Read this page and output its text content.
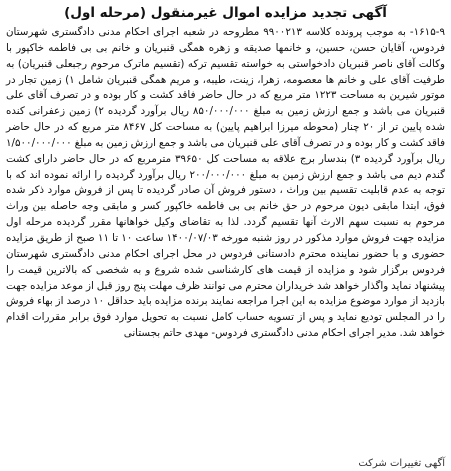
آگهی تجدید مزایده اموال غیرمنقول (مرحله اول)

۱۶۱۵-۹- به موجب پرونده کلاسه ۹۹۰۰۲۱۳ مطروحه در شعبه اجرای احکام مدنی دادگستری شهرستان فردوس، آقایان حسن، حسین، و خانمها صدیقه و زهره همگی قنبریان و خانم بی بی فاطمه خاکپور با وکالت آقای ناصر قنبریان دادخواستی به خواسته تقسیم ترکه (تقسیم ماترک مرحوم رجبعلی قنبریان) به طرفیت آقای علی و خانم ها معصومه، زهرا، زینت، طیبه، و مریم همگی قنبریان شامل ۱) زمین تجار در موتور شیرین به مساحت ۱۲۲۳ متر مربع که در حال حاضر فاقد کشت و کار بوده و در تصرف آقای علی قنبریان می باشد و جمع ارزش زمین به مبلغ ۸۵۰/۰۰۰/۰۰۰ ریال برآورد گردیده ۲) زمین زعفرانی کنده شده پایین تر از ۲۰ چنار (محوطه میرزا ابراهیم پایین) به مساحت کل ۸۴۶۷ متر مربع که در حال حاضر فاقد کشت و کار بوده و در تصرف آقای علی قنبریان می باشد و جمع ارزش زمین به مبلغ ۱/۵۰۰/۰۰۰/۰۰۰ ریال برآورد گردیده ۳) بندسار برج علاقه به مساحت کل ۳۹۶۵۰ مترمربع که در حال حاضر دارای کشت گندم دیم می باشد و جمع ارزش زمین به مبلغ ۲۰۰/۰۰۰/۰۰۰ ریال برآورد گردیده را ارائه نموده اند که با توجه به عدم قابلیت تقسیم بین وراث ، دستور فروش آن صادر گردیده تا پس از فروش موارد ذکر شده فوق، ابتدا مابقی دیون مرحوم در حق خانم بی بی فاطمه خاکپور کسر و مابقی وجه حاصله بین وراث مرحوم به نسبت سهم الارث آنها تقسیم گردد. لذا به تقاضای وکیل خواهانها مقرر گردیده مرحله اول مزایده جهت فروش موارد مذکور در روز شنبه مورخه ۱۴۰۰/۰۷/۰۳ ساعت ۱۰ تا ۱۱ صبح از طریق مزایده حضوری و با حضور نماینده محترم دادستانی فردوس در محل اجرای احکام مدنی دادگستری شهرستان فردوس برگزار شود و مزایده از قیمت های کارشناسی شده شروع و به شخصی که بالاترین قیمت را پیشنهاد نماید واگذار خواهد شد خریداران محترم می توانند ظرف مهلت پنج روز قبل از موعد مزایده جهت بازدید از موارد موضوع مزایده به این اجرا مراجعه نمایند برنده مزایده باید حداقل ۱۰ درصد از بهاء فروش را در المجلس تودیع نماید و پس از تسویه حساب کامل نسبت به تحویل موارد فوق برابر مقررات اقدام خواهد شد. مدیر اجرای احکام مدنی دادگستری فردوس- مهدی حاتم بجستانی

آگهی تغییرات شرکت
